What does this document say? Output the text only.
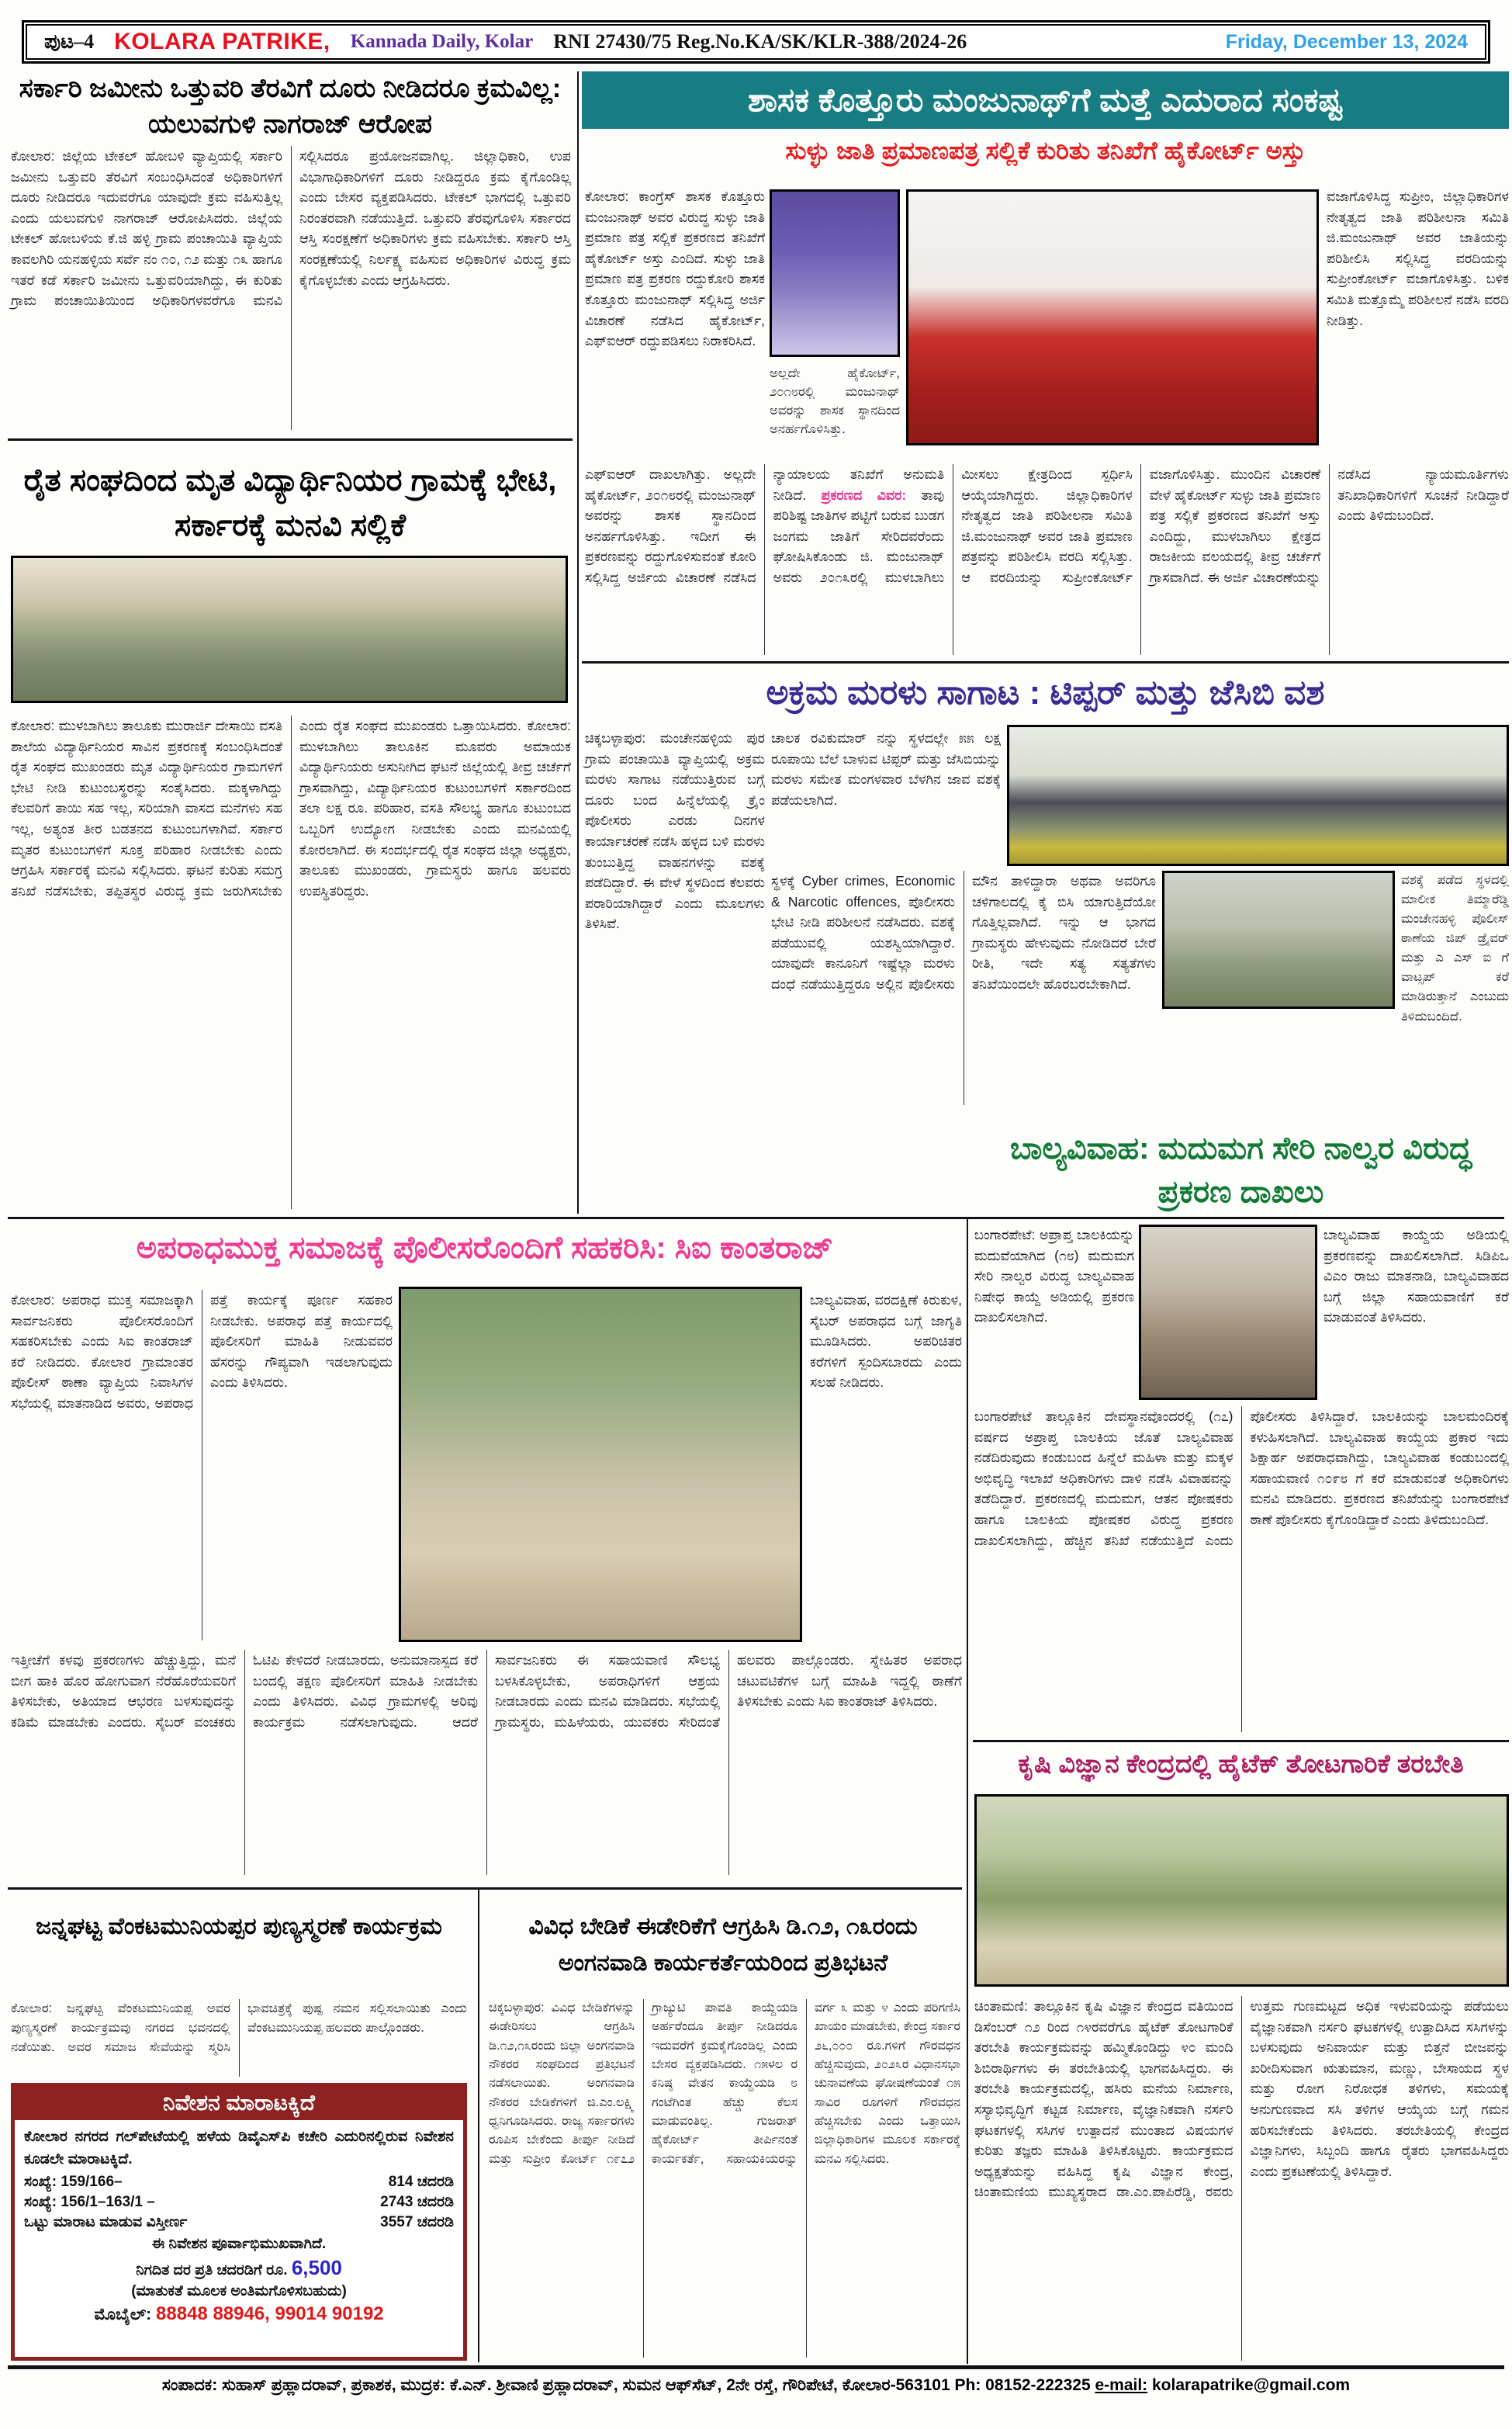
ಪುಟ–4 KOLARA PATRIKE, Kannada Daily, Kolar RNI 27430/75 Reg.No.KA/SK/KLR-388/2024-26	Friday, December 13, 2024
ಸರ್ಕಾರಿ ಜಮೀನು ಒತ್ತುವರಿ ತೆರವಿಗೆ ದೂರು ನೀಡಿದರೂ ಕ್ರಮವಿಲ್ಲ: ಯಲುವಗುಳಿ ನಾಗರಾಜ್ ಆರೋಪ
ಕೋಲಾರ: ಜಿಲ್ಲೆಯ ಟೇಕಲ್ ಹೋಬಳಿ ವ್ಯಾಪ್ತಿಯಲ್ಲಿ ಸರ್ಕಾರಿ ಜಮೀನು ಒತ್ತುವರಿ ತೆರವಿಗೆ ಸಂಬಂಧಿಸಿದಂತೆ ಅಧಿಕಾರಿಗಳಿಗೆ ದೂರು ನೀಡಿದರೂ ಇದುವರೆಗೂ ಯಾವುದೇ ಕ್ರಮ ವಹಿಸುತ್ತಿಲ್ಲ ಎಂದು ಯಲುವಗುಳಿ ನಾಗರಾಜ್ ಆರೋಪಿಸಿದರು. ಜಿಲ್ಲೆಯ ಟೇಕಲ್ ಹೋಬಳಿಯ ಕೆ.ಜಿ ಹಳ್ಳಿ ಗ್ರಾಮ ಪಂಚಾಯಿತಿ ವ್ಯಾಪ್ತಿಯ ಕಾವಲಗಿರಿ ಯನಹಳ್ಳಿಯ ಸರ್ವೆ ನಂ ೧೦, ೧೨ ಮತ್ತು ೧೩ ಹಾಗೂ ಇತರೆ ಕಡೆ ಸರ್ಕಾರಿ ಜಮೀನು ಒತ್ತುವರಿಯಾಗಿದ್ದು, ಈ ಕುರಿತು ಗ್ರಾಮ ಪಂಚಾಯಿತಿಯಿಂದ ಅಧಿಕಾರಿಗಳವರೆಗೂ ಮನವಿ ಸಲ್ಲಿಸಿದರೂ ಪ್ರಯೋಜನವಾಗಿಲ್ಲ. ಜಿಲ್ಲಾಧಿಕಾರಿ, ಉಪ ವಿಭಾಗಾಧಿಕಾರಿಗಳಿಗೆ ದೂರು ನೀಡಿದ್ದರೂ ಕ್ರಮ ಕೈಗೊಂಡಿಲ್ಲ ಎಂದು ಬೇಸರ ವ್ಯಕ್ತಪಡಿಸಿದರು. ಟೇಕಲ್ ಭಾಗದಲ್ಲಿ ಒತ್ತುವರಿ ನಿರಂತರವಾಗಿ ನಡೆಯುತ್ತಿದೆ. ಒತ್ತುವರಿ ತೆರವುಗೊಳಿಸಿ ಸರ್ಕಾರದ ಆಸ್ತಿ ಸಂರಕ್ಷಣೆಗೆ ಅಧಿಕಾರಿಗಳು ಕ್ರಮ ವಹಿಸಬೇಕು. ಸರ್ಕಾರಿ ಆಸ್ತಿ ಸಂರಕ್ಷಣೆಯಲ್ಲಿ ನಿರ್ಲಕ್ಷ್ಯ ವಹಿಸುವ ಅಧಿಕಾರಿಗಳ ವಿರುದ್ಧ ಕ್ರಮ ಕೈಗೊಳ್ಳಬೇಕು ಎಂದು ಆಗ್ರಹಿಸಿದರು.
ರೈತ ಸಂಘದಿಂದ ಮೃತ ವಿದ್ಯಾರ್ಥಿನಿಯರ ಗ್ರಾಮಕ್ಕೆ ಭೇಟಿ, ಸರ್ಕಾರಕ್ಕೆ ಮನವಿ ಸಲ್ಲಿಕೆ
ಕೋಲಾರ: ಮುಳಬಾಗಿಲು ತಾಲೂಕು ಮುರಾರ್ಜಿ ದೇಸಾಯಿ ವಸತಿ ಶಾಲೆಯ ವಿದ್ಯಾರ್ಥಿನಿಯರ ಸಾವಿನ ಪ್ರಕರಣಕ್ಕೆ ಸಂಬಂಧಿಸಿದಂತೆ ರೈತ ಸಂಘದ ಮುಖಂಡರು ಮೃತ ವಿದ್ಯಾರ್ಥಿನಿಯರ ಗ್ರಾಮಗಳಿಗೆ ಭೇಟಿ ನೀಡಿ ಕುಟುಂಬಸ್ಥರನ್ನು ಸಂತೈಸಿದರು. ಮಕ್ಕಳಾಗಿದ್ದು ಕೆಲವರಿಗೆ ತಾಯಿ ಸಹ ಇಲ್ಲ, ಸರಿಯಾಗಿ ವಾಸದ ಮನೆಗಳು ಸಹ ಇಲ್ಲ, ಅತ್ಯಂತ ತೀರ ಬಡತನದ ಕುಟುಂಬಗಳಾಗಿವೆ. ಸರ್ಕಾರ ಮೃತರ ಕುಟುಂಬಗಳಿಗೆ ಸೂಕ್ತ ಪರಿಹಾರ ನೀಡಬೇಕು ಎಂದು ಆಗ್ರಹಿಸಿ ಸರ್ಕಾರಕ್ಕೆ ಮನವಿ ಸಲ್ಲಿಸಿದರು. ಘಟನೆ ಕುರಿತು ಸಮಗ್ರ ತನಿಖೆ ನಡೆಸಬೇಕು, ತಪ್ಪಿತಸ್ಥರ ವಿರುದ್ಧ ಕ್ರಮ ಜರುಗಿಸಬೇಕು ಎಂದು ರೈತ ಸಂಘದ ಮುಖಂಡರು ಒತ್ತಾಯಿಸಿದರು. ಕೋಲಾರ: ಮುಳಬಾಗಿಲು ತಾಲೂಕಿನ ಮೂವರು ಅಮಾಯಕ ವಿದ್ಯಾರ್ಥಿನಿಯರು ಅಸುನೀಗಿದ ಘಟನೆ ಜಿಲ್ಲೆಯಲ್ಲಿ ತೀವ್ರ ಚರ್ಚೆಗೆ ಗ್ರಾಸವಾಗಿದ್ದು, ವಿದ್ಯಾರ್ಥಿನಿಯರ ಕುಟುಂಬಗಳಿಗೆ ಸರ್ಕಾರದಿಂದ ತಲಾ ಲಕ್ಷ ರೂ. ಪರಿಹಾರ, ವಸತಿ ಸೌಲಭ್ಯ ಹಾಗೂ ಕುಟುಂಬದ ಒಬ್ಬರಿಗೆ ಉದ್ಯೋಗ ನೀಡಬೇಕು ಎಂದು ಮನವಿಯಲ್ಲಿ ಕೋರಲಾಗಿದೆ. ಈ ಸಂದರ್ಭದಲ್ಲಿ ರೈತ ಸಂಘದ ಜಿಲ್ಲಾ ಅಧ್ಯಕ್ಷರು, ತಾಲೂಕು ಮುಖಂಡರು, ಗ್ರಾಮಸ್ಥರು ಹಾಗೂ ಹಲವರು ಉಪಸ್ಥಿತರಿದ್ದರು.
ಶಾಸಕ ಕೊತ್ತೂರು ಮಂಜುನಾಥ್‌ಗೆ ಮತ್ತೆ ಎದುರಾದ ಸಂಕಷ್ಟ
ಸುಳ್ಳು ಜಾತಿ ಪ್ರಮಾಣಪತ್ರ ಸಲ್ಲಿಕೆ ಕುರಿತು ತನಿಖೆಗೆ ಹೈಕೋರ್ಟ್ ಅಸ್ತು
ಕೋಲಾರ: ಕಾಂಗ್ರೆಸ್ ಶಾಸಕ ಕೊತ್ತೂರು ಮಂಜುನಾಥ್ ಅವರ ವಿರುದ್ಧ ಸುಳ್ಳು ಜಾತಿ ಪ್ರಮಾಣ ಪತ್ರ ಸಲ್ಲಿಕೆ ಪ್ರಕರಣದ ತನಿಖೆಗೆ ಹೈಕೋರ್ಟ್ ಅಸ್ತು ಎಂದಿದೆ. ಸುಳ್ಳು ಜಾತಿ ಪ್ರಮಾಣ ಪತ್ರ ಪ್ರಕರಣ ರದ್ದುಕೋರಿ ಶಾಸಕ ಕೊತ್ತೂರು ಮಂಜುನಾಥ್ ಸಲ್ಲಿಸಿದ್ದ ಅರ್ಜಿ ವಿಚಾರಣೆ ನಡೆಸಿದ ಹೈಕೋರ್ಟ್, ಎಫ್‌ಐಆರ್ ರದ್ದುಪಡಿಸಲು ನಿರಾಕರಿಸಿದೆ.
ಅಲ್ಲದೇ ಹೈಕೋರ್ಟ್, ೨೦೧೮ರಲ್ಲಿ ಮಂಜುನಾಥ್ ಅವರನ್ನು ಶಾಸಕ ಸ್ಥಾನದಿಂದ ಅನರ್ಹಗೊಳಿಸಿತ್ತು.
ವಜಾಗೊಳಿಸಿದ್ದ ಸುಪ್ರೀಂ, ಜಿಲ್ಲಾಧಿಕಾರಿಗಳ ನೇತೃತ್ವದ ಜಾತಿ ಪರಿಶೀಲನಾ ಸಮಿತಿ ಜಿ.ಮಂಜುನಾಥ್ ಅವರ ಜಾತಿಯನ್ನು ಪರಿಶೀಲಿಸಿ ಸಲ್ಲಿಸಿದ್ದ ವರದಿಯನ್ನು ಸುಪ್ರೀಂಕೋರ್ಟ್ ವಜಾಗೊಳಿಸಿತ್ತು. ಬಳಿಕ ಸಮಿತಿ ಮತ್ತೊಮ್ಮೆ ಪರಿಶೀಲನೆ ನಡೆಸಿ ವರದಿ ನೀಡಿತ್ತು.
ಎಫ್‌ಐಆರ್ ದಾಖಲಾಗಿತ್ತು. ಅಲ್ಲದೇ ಹೈಕೋರ್ಟ್, ೨೦೧೮ರಲ್ಲಿ ಮಂಜುನಾಥ್ ಅವರನ್ನು ಶಾಸಕ ಸ್ಥಾನದಿಂದ ಅನರ್ಹಗೊಳಿಸಿತ್ತು. ಇದೀಗ ಈ ಪ್ರಕರಣವನ್ನು ರದ್ದುಗೊಳಿಸುವಂತೆ ಕೋರಿ ಸಲ್ಲಿಸಿದ್ದ ಅರ್ಜಿಯ ವಿಚಾರಣೆ ನಡೆಸಿದ ನ್ಯಾಯಾಲಯ ತನಿಖೆಗೆ ಅನುಮತಿ ನೀಡಿದೆ. ಪ್ರಕರಣದ ವಿವರ: ತಾವು ಪರಿಶಿಷ್ಟ ಜಾತಿಗಳ ಪಟ್ಟಿಗೆ ಬರುವ ಬುಡಗ ಜಂಗಮ ಜಾತಿಗೆ ಸೇರಿದವರೆಂದು ಘೋಷಿಸಿಕೊಂಡು ಜಿ. ಮಂಜುನಾಥ್ ಅವರು ೨೦೧೩ರಲ್ಲಿ ಮುಳಬಾಗಿಲು ಮೀಸಲು ಕ್ಷೇತ್ರದಿಂದ ಸ್ಪರ್ಧಿಸಿ ಆಯ್ಕೆಯಾಗಿದ್ದರು. ಜಿಲ್ಲಾಧಿಕಾರಿಗಳ ನೇತೃತ್ವದ ಜಾತಿ ಪರಿಶೀಲನಾ ಸಮಿತಿ ಜಿ.ಮಂಜುನಾಥ್ ಅವರ ಜಾತಿ ಪ್ರಮಾಣ ಪತ್ರವನ್ನು ಪರಿಶೀಲಿಸಿ ವರದಿ ಸಲ್ಲಿಸಿತ್ತು. ಆ ವರದಿಯನ್ನು ಸುಪ್ರೀಂಕೋರ್ಟ್ ವಜಾಗೊಳಿಸಿತ್ತು. ಮುಂದಿನ ವಿಚಾರಣೆ ವೇಳೆ ಹೈಕೋರ್ಟ್ ಸುಳ್ಳು ಜಾತಿ ಪ್ರಮಾಣ ಪತ್ರ ಸಲ್ಲಿಕೆ ಪ್ರಕರಣದ ತನಿಖೆಗೆ ಅಸ್ತು ಎಂದಿದ್ದು, ಮುಳಬಾಗಿಲು ಕ್ಷೇತ್ರದ ರಾಜಕೀಯ ವಲಯದಲ್ಲಿ ತೀವ್ರ ಚರ್ಚೆಗೆ ಗ್ರಾಸವಾಗಿದೆ. ಈ ಅರ್ಜಿ ವಿಚಾರಣೆಯನ್ನು ನಡೆಸಿದ ನ್ಯಾಯಮೂರ್ತಿಗಳು ತನಿಖಾಧಿಕಾರಿಗಳಿಗೆ ಸೂಚನೆ ನೀಡಿದ್ದಾರೆ ಎಂದು ತಿಳಿದುಬಂದಿದೆ.
ಅಕ್ರಮ ಮರಳು ಸಾಗಾಟ : ಟಿಪ್ಪರ್ ಮತ್ತು ಜೆಸಿಬಿ ವಶ
ಚಿಕ್ಕಬಳ್ಳಾಪುರ: ಮಂಚೇನಹಳ್ಳಿಯ ಪುರ ಗ್ರಾಮ ಪಂಚಾಯಿತಿ ವ್ಯಾಪ್ತಿಯಲ್ಲಿ ಅಕ್ರಮ ಮರಳು ಸಾಗಾಟ ನಡೆಯುತ್ತಿರುವ ಬಗ್ಗೆ ದೂರು ಬಂದ ಹಿನ್ನೆಲೆಯಲ್ಲಿ ಕ್ರೈಂ ಪೊಲೀಸರು ಎರಡು ದಿನಗಳ ಕಾರ್ಯಾಚರಣೆ ನಡೆಸಿ ಹಳ್ಳದ ಬಳಿ ಮರಳು ತುಂಬುತ್ತಿದ್ದ ವಾಹನಗಳನ್ನು ವಶಕ್ಕೆ ಪಡೆದಿದ್ದಾರೆ. ಈ ವೇಳೆ ಸ್ಥಳದಿಂದ ಕೆಲವರು ಪರಾರಿಯಾಗಿದ್ದಾರೆ ಎಂದು ಮೂಲಗಳು ತಿಳಿಸಿವೆ.
ಚಾಲಕ ರವಿಕುಮಾರ್ ನನ್ನು ಸ್ಥಳದಲ್ಲೇ ೫೫ ಲಕ್ಷ ರೂಪಾಯಿ ಬೆಲೆ ಬಾಳುವ ಟಿಪ್ಪರ್ ಮತ್ತು ಜೆಸಿಬಿಯನ್ನು ಮರಳು ಸಮೇತ ಮಂಗಳವಾರ ಬೆಳಗಿನ ಜಾವ ವಶಕ್ಕೆ ಪಡೆಯಲಾಗಿದೆ.
ಸ್ಥಳಕ್ಕೆ Cyber crimes, Economic & Narcotic offences, ಪೊಲೀಸರು ಭೇಟಿ ನೀಡಿ ಪರಿಶೀಲನೆ ನಡೆಸಿದರು. ವಶಕ್ಕೆ ಪಡೆಯುವಲ್ಲಿ ಯಶಸ್ವಿಯಾಗಿದ್ದಾರೆ. ಯಾವುದೇ ಕಾನೂನಿಗೆ ಇಷ್ಟೆಲ್ಲಾ ಮರಳು ದಂಧೆ ನಡೆಯುತ್ತಿದ್ದರೂ ಅಲ್ಲಿನ ಪೊಲೀಸರು ಮೌನ ತಾಳಿದ್ದಾರಾ ಅಥವಾ ಅವರಿಗೂ ಚಳಿಗಾಲದಲ್ಲಿ ಕೈ ಬಿಸಿ ಯಾಗುತ್ತಿದೆಯೋ ಗೊತ್ತಿಲ್ಲವಾಗಿದೆ. ಇನ್ನು ಆ ಭಾಗದ ಗ್ರಾಮಸ್ಥರು ಹೇಳುವುದು ನೋಡಿದರೆ ಬೇರೆ ರೀತಿ, ಇದೇ ಸತ್ಯ ಸತ್ಯತೆಗಳು ತನಿಖೆಯಿಂದಲೇ ಹೊರಬರಬೇಕಾಗಿದೆ.
ವಶಕ್ಕೆ ಪಡೆದ ಸ್ಥಳದಲ್ಲಿ ಮಾಲೀಕ ತಿಮ್ಮಾರೆಡ್ಡಿ ಮಂಚೇನಹಳ್ಳಿ ಪೊಲೀಸ್ ಠಾಣೆಯ ಜಿಪ್ ಡ್ರೈವರ್ ಮತ್ತು ಎ ಎಸ್ ಐ ಗೆ ವಾಟ್ಸಪ್ ಕರೆ ಮಾಡಿರುತ್ತಾನೆ ಎಂಬುದು ತಿಳಿದುಬಂದಿದೆ.
ಅಪರಾಧಮುಕ್ತ ಸಮಾಜಕ್ಕೆ ಪೊಲೀಸರೊಂದಿಗೆ ಸಹಕರಿಸಿ: ಸಿಐ ಕಾಂತರಾಜ್
ಕೋಲಾರ: ಅಪರಾಧ ಮುಕ್ತ ಸಮಾಜಕ್ಕಾಗಿ ಸಾರ್ವಜನಿಕರು ಪೊಲೀಸರೊಂದಿಗೆ ಸಹಕರಿಸಬೇಕು ಎಂದು ಸಿಐ ಕಾಂತರಾಜ್ ಕರೆ ನೀಡಿದರು. ಕೋಲಾರ ಗ್ರಾಮಾಂತರ ಪೊಲೀಸ್ ಠಾಣಾ ವ್ಯಾಪ್ತಿಯ ನಿವಾಸಿಗಳ ಸಭೆಯಲ್ಲಿ ಮಾತನಾಡಿದ ಅವರು, ಅಪರಾಧ ಪತ್ತೆ ಕಾರ್ಯಕ್ಕೆ ಪೂರ್ಣ ಸಹಕಾರ ನೀಡಬೇಕು. ಅಪರಾಧ ಪತ್ತೆ ಕಾರ್ಯದಲ್ಲಿ ಪೊಲೀಸರಿಗೆ ಮಾಹಿತಿ ನೀಡುವವರ ಹೆಸರನ್ನು ಗೌಪ್ಯವಾಗಿ ಇಡಲಾಗುವುದು ಎಂದು ತಿಳಿಸಿದರು.
ಬಾಲ್ಯವಿವಾಹ, ವರದಕ್ಷಿಣೆ ಕಿರುಕುಳ, ಸೈಬರ್ ಅಪರಾಧದ ಬಗ್ಗೆ ಜಾಗೃತಿ ಮೂಡಿಸಿದರು. ಅಪರಿಚಿತರ ಕರೆಗಳಿಗೆ ಸ್ಪಂದಿಸಬಾರದು ಎಂದು ಸಲಹೆ ನೀಡಿದರು.
ಇತ್ತೀಚೆಗೆ ಕಳವು ಪ್ರಕರಣಗಳು ಹೆಚ್ಚುತ್ತಿದ್ದು, ಮನೆ ಬೀಗ ಹಾಕಿ ಹೊರ ಹೋಗುವಾಗ ನೆರೆಹೊರೆಯವರಿಗೆ ತಿಳಿಸಬೇಕು, ಅತಿಯಾದ ಆಭರಣ ಬಳಸುವುದನ್ನು ಕಡಿಮೆ ಮಾಡಬೇಕು ಎಂದರು. ಸೈಬರ್ ವಂಚಕರು ಓಟಿಪಿ ಕೇಳಿದರೆ ನೀಡಬಾರದು, ಅನುಮಾನಾಸ್ಪದ ಕರೆ ಬಂದಲ್ಲಿ ತಕ್ಷಣ ಪೊಲೀಸರಿಗೆ ಮಾಹಿತಿ ನೀಡಬೇಕು ಎಂದು ತಿಳಿಸಿದರು. ವಿವಿಧ ಗ್ರಾಮಗಳಲ್ಲಿ ಅರಿವು ಕಾರ್ಯಕ್ರಮ ನಡೆಸಲಾಗುವುದು. ಆದರೆ ಸಾರ್ವಜನಿಕರು ಈ ಸಹಾಯವಾಣಿ ಸೌಲಭ್ಯ ಬಳಸಿಕೊಳ್ಳಬೇಕು, ಅಪರಾಧಿಗಳಿಗೆ ಆಶ್ರಯ ನೀಡಬಾರದು ಎಂದು ಮನವಿ ಮಾಡಿದರು. ಸಭೆಯಲ್ಲಿ ಗ್ರಾಮಸ್ಥರು, ಮಹಿಳೆಯರು, ಯುವಕರು ಸೇರಿದಂತೆ ಹಲವರು ಪಾಲ್ಗೊಂಡರು. ಸ್ನೇಹಿತರ ಅಪರಾಧ ಚಟುವಟಿಕೆಗಳ ಬಗ್ಗೆ ಮಾಹಿತಿ ಇದ್ದಲ್ಲಿ ಠಾಣೆಗೆ ತಿಳಿಸಬೇಕು ಎಂದು ಸಿಐ ಕಾಂತರಾಜ್ ತಿಳಿಸಿದರು.
ಬಾಲ್ಯವಿವಾಹ: ಮದುಮಗ ಸೇರಿ ನಾಲ್ವರ ವಿರುದ್ಧ ಪ್ರಕರಣ ದಾಖಲು
ಬಂಗಾರಪೇಟೆ: ಅಪ್ರಾಪ್ತ ಬಾಲಕಿಯನ್ನು ಮದುವೆಯಾಗಿದ (೧೮) ಮದುಮಗ ಸೇರಿ ನಾಲ್ವರ ವಿರುದ್ಧ ಬಾಲ್ಯವಿವಾಹ ನಿಷೇಧ ಕಾಯ್ದೆ ಅಡಿಯಲ್ಲಿ ಪ್ರಕರಣ ದಾಖಲಿಸಲಾಗಿದೆ.
ಬಾಲ್ಯವಿವಾಹ ಕಾಯ್ದೆಯ ಅಡಿಯಲ್ಲಿ ಪ್ರಕರಣವನ್ನು ದಾಖಲಿಸಲಾಗಿದೆ. ಸಿಡಿಪಿಒ ವಿಎಂ ರಾಜು ಮಾತನಾಡಿ, ಬಾಲ್ಯವಿವಾಹದ ಬಗ್ಗೆ ಜಿಲ್ಲಾ ಸಹಾಯವಾಣಿಗೆ ಕರೆ ಮಾಡುವಂತೆ ತಿಳಿಸಿದರು.
ಬಂಗಾರಪೇಟೆ ತಾಲ್ಲೂಕಿನ ದೇವಸ್ಥಾನವೊಂದರಲ್ಲಿ (೧೭) ವರ್ಷದ ಅಪ್ರಾಪ್ತ ಬಾಲಕಿಯ ಜೊತೆ ಬಾಲ್ಯವಿವಾಹ ನಡೆದಿರುವುದು ಕಂಡುಬಂದ ಹಿನ್ನೆಲೆ ಮಹಿಳಾ ಮತ್ತು ಮಕ್ಕಳ ಅಭಿವೃದ್ಧಿ ಇಲಾಖೆ ಅಧಿಕಾರಿಗಳು ದಾಳಿ ನಡೆಸಿ ವಿವಾಹವನ್ನು ತಡೆದಿದ್ದಾರೆ. ಪ್ರಕರಣದಲ್ಲಿ ಮದುಮಗ, ಆತನ ಪೋಷಕರು ಹಾಗೂ ಬಾಲಕಿಯ ಪೋಷಕರ ವಿರುದ್ಧ ಪ್ರಕರಣ ದಾಖಲಿಸಲಾಗಿದ್ದು, ಹೆಚ್ಚಿನ ತನಿಖೆ ನಡೆಯುತ್ತಿದೆ ಎಂದು ಪೊಲೀಸರು ತಿಳಿಸಿದ್ದಾರೆ. ಬಾಲಕಿಯನ್ನು ಬಾಲಮಂದಿರಕ್ಕೆ ಕಳುಹಿಸಲಾಗಿದೆ. ಬಾಲ್ಯವಿವಾಹ ಕಾಯ್ದೆಯ ಪ್ರಕಾರ ಇದು ಶಿಕ್ಷಾರ್ಹ ಅಪರಾಧವಾಗಿದ್ದು, ಬಾಲ್ಯವಿವಾಹ ಕಂಡುಬಂದಲ್ಲಿ ಸಹಾಯವಾಣಿ ೧೦೯೮ ಗೆ ಕರೆ ಮಾಡುವಂತೆ ಅಧಿಕಾರಿಗಳು ಮನವಿ ಮಾಡಿದರು. ಪ್ರಕರಣದ ತನಿಖೆಯನ್ನು ಬಂಗಾರಪೇಟೆ ಠಾಣೆ ಪೊಲೀಸರು ಕೈಗೊಂಡಿದ್ದಾರೆ ಎಂದು ತಿಳಿದುಬಂದಿದೆ.
ಕೃಷಿ ವಿಜ್ಞಾನ ಕೇಂದ್ರದಲ್ಲಿ ಹೈಟೆಕ್ ತೋಟಗಾರಿಕೆ ತರಬೇತಿ
ಚಿಂತಾಮಣಿ: ತಾಲ್ಲೂಕಿನ ಕೃಷಿ ವಿಜ್ಞಾನ ಕೇಂದ್ರದ ವತಿಯಿಂದ ಡಿಸೆಂಬರ್ ೧೨ ರಿಂದ ೧೪ರವರೆಗೂ ಹೈಟೆಕ್ ತೋಟಗಾರಿಕೆ ತರಬೇತಿ ಕಾರ್ಯಕ್ರಮವನ್ನು ಹಮ್ಮಿಕೊಂಡಿದ್ದು ೪೦ ಮಂದಿ ಶಿಬಿರಾರ್ಥಿಗಳು ಈ ತರಬೇತಿಯಲ್ಲಿ ಭಾಗವಹಿಸಿದ್ದರು. ಈ ತರಬೇತಿ ಕಾರ್ಯಕ್ರಮದಲ್ಲಿ, ಹಸಿರು ಮನೆಯ ನಿರ್ಮಾಣ, ಸಸ್ಯಾಭಿವೃದ್ಧಿಗೆ ಕಟ್ಟಡ ನಿರ್ಮಾಣ, ವೈಜ್ಞಾನಿಕವಾಗಿ ನರ್ಸರಿ ಘಟಕಗಳಲ್ಲಿ ಸಸಿಗಳ ಉತ್ಪಾದನೆ ಮುಂತಾದ ವಿಷಯಗಳ ಕುರಿತು ತಜ್ಞರು ಮಾಹಿತಿ ತಿಳಿಸಿಕೊಟ್ಟರು. ಕಾರ್ಯಕ್ರಮದ ಅಧ್ಯಕ್ಷತೆಯನ್ನು ವಹಿಸಿದ್ದ ಕೃಷಿ ವಿಜ್ಞಾನ ಕೇಂದ್ರ, ಚಿಂತಾಮಣಿಯ ಮುಖ್ಯಸ್ಥರಾದ ಡಾ.ಎಂ.ಪಾಪಿರೆಡ್ಡಿ, ರವರು ಉತ್ತಮ ಗುಣಮಟ್ಟದ ಅಧಿಕ ಇಳುವರಿಯನ್ನು ಪಡೆಯಲು ವೈಜ್ಞಾನಿಕವಾಗಿ ನರ್ಸರಿ ಘಟಕಗಳಲ್ಲಿ ಉತ್ಪಾದಿಸಿದ ಸಸಿಗಳನ್ನು ಬಳಸುವುದು ಅನಿವಾರ್ಯ ಮತ್ತು ಬಿತ್ತನೆ ಬೀಜವನ್ನು ಖರೀದಿಸುವಾಗ ಋತುಮಾನ, ಮಣ್ಣು, ಬೇಸಾಯದ ಸ್ಥಳ ಮತ್ತು ರೋಗ ನಿರೋಧಕ ತಳಿಗಳು, ಸಮಯಕ್ಕೆ ಅನುಗುಣವಾದ ಸಸಿ ತಳಿಗಳ ಆಯ್ಕೆಯ ಬಗ್ಗೆ ಗಮನ ಹರಿಸಬೇಕೆಂದು ತಿಳಿಸಿದರು. ತರಬೇತಿಯಲ್ಲಿ ಕೇಂದ್ರದ ವಿಜ್ಞಾನಿಗಳು, ಸಿಬ್ಬಂದಿ ಹಾಗೂ ರೈತರು ಭಾಗವಹಿಸಿದ್ದರು ಎಂದು ಪ್ರಕಟಣೆಯಲ್ಲಿ ತಿಳಿಸಿದ್ದಾರೆ.
ಜನ್ನಘಟ್ಟ ವೆಂಕಟಮುನಿಯಪ್ಪರ ಪುಣ್ಯಸ್ಮರಣೆ ಕಾರ್ಯಕ್ರಮ
ಕೋಲಾರ: ಜನ್ನಘಟ್ಟ ವೆಂಕಟಮುನಿಯಪ್ಪ ಅವರ ಪುಣ್ಯಸ್ಮರಣೆ ಕಾರ್ಯಕ್ರಮವು ನಗರದ ಭವನದಲ್ಲಿ ನಡೆಯಿತು. ಅವರ ಸಮಾಜ ಸೇವೆಯನ್ನು ಸ್ಮರಿಸಿ ಭಾವಚಿತ್ರಕ್ಕೆ ಪುಷ್ಪ ನಮನ ಸಲ್ಲಿಸಲಾಯಿತು ಎಂದು ವೆಂಕಟಮುನಿಯಪ್ಪ ಹಲವರು ಪಾಲ್ಗೊಂಡರು.
ನಿವೇಶನ ಮಾರಾಟಕ್ಕಿದೆ
ಕೋಲಾರ ನಗರದ ಗಲ್‌ಪೇಟೆಯಲ್ಲಿ ಹಳೆಯ ಡಿವೈಎಸ್‌ಪಿ ಕಚೇರಿ ಎದುರಿನಲ್ಲಿರುವ ನಿವೇಶನ ಕೂಡಲೇ ಮಾರಾಟಕ್ಕಿದೆ.
ಸಂಖ್ಯೆ: 159/166–	814 ಚದರಡಿ
ಸಂಖ್ಯೆ: 156/1–163/1 –	2743 ಚದರಡಿ
ಒಟ್ಟು ಮಾರಾಟ ಮಾಡುವ ವಿಸ್ತೀರ್ಣ	3557 ಚದರಡಿ
ಈ ನಿವೇಶನ ಪೂರ್ವಾಭಿಮುಖವಾಗಿದೆ.
ನಿಗದಿತ ದರ ಪ್ರತಿ ಚದರಡಿಗೆ ರೂ. 6,500
(ಮಾತುಕತೆ ಮೂಲಕ ಅಂತಿಮಗೊಳಿಸಬಹುದು)
ಮೊಬೈಲ್: 88848 88946, 99014 90192
ವಿವಿಧ ಬೇಡಿಕೆ ಈಡೇರಿಕೆಗೆ ಆಗ್ರಹಿಸಿ ಡಿ.೧೨, ೧೩ರಂದು ಅಂಗನವಾಡಿ ಕಾರ್ಯಕರ್ತೆಯರಿಂದ ಪ್ರತಿಭಟನೆ
ಚಿಕ್ಕಬಳ್ಳಾಪುರ: ವಿವಿಧ ಬೇಡಿಕೆಗಳನ್ನು ಈಡೇರಿಸಲು ಆಗ್ರಹಿಸಿ ಡಿ.೧೨,೧೩ರಂದು ಜಿಲ್ಲಾ ಅಂಗನವಾಡಿ ನೌಕರರ ಸಂಘದಿಂದ ಪ್ರತಿಭಟನೆ ನಡೆಸಲಾಯಿತು. ಅಂಗನವಾಡಿ ನೌಕರರ ಬೇಡಿಕೆಗಳಿಗೆ ಜಿ.ಎಂ.ಲಕ್ಷ್ಮಿ ಧ್ವನಿಗೂಡಿಸಿದರು. ರಾಜ್ಯ ಸರ್ಕಾರಗಳು ರೂಪಿಸ ಬೇಕೆಂದು ತೀರ್ಪು ನೀಡಿದೆ ಮತ್ತು ಸುಪ್ರೀಂ ಕೋರ್ಟ್ ೧೯೭೨ ಗ್ರಾಜ್ಯುಟಿ ಪಾವತಿ ಕಾಯ್ದೆಯಡಿ ಅರ್ಹರೆಂದೂ ತೀರ್ಪು ನೀಡಿದರೂ ಇದುವರೆಗೆ ಕ್ರಮಕೈಗೊಂಡಿಲ್ಲ ಎಂದು ಬೇಸರ ವ್ಯಕ್ತಪಡಿಸಿದರು. ೧೫ಳಲ ರ ಕನಿಷ್ಠ ವೇತನ ಕಾಯ್ದೆಯಡಿ ೮ ಗಂಟೆಗಿಂತ ಹೆಚ್ಚು ಕೆಲಸ ಮಾಡುವಂತಿಲ್ಲ. ಗುಜರಾತ್ ಹೈಕೋರ್ಟ್ ತೀರ್ಪಿನಂತೆ ಕಾರ್ಯಕರ್ತೆ, ಸಹಾಯಕಿಯರನ್ನು ವರ್ಗ ೩ ಮತ್ತು ೪ ಎಂದು ಪರಿಗಣಿಸಿ ಖಾಯಂ ಮಾಡಬೇಕು, ಕೇಂದ್ರ ಸರ್ಕಾರ ೨೬,೦೦೦ ರೂ.ಗಳಿಗೆ ಗೌರವಧನ ಹೆಚ್ಚಿಸುವುದು, ೨೦೨೩ರ ವಿಧಾನಸಭಾ ಚುನಾವಣೆಯ ಘೋಷಣೆಯಂತೆ ೧೫ ಸಾವಿರ ರೂಗಳಿಗೆ ಗೌರವಧನ ಹೆಚ್ಚಿಸಬೇಕು ಎಂದು ಒತ್ತಾಯಿಸಿ ಜಿಲ್ಲಾಧಿಕಾರಿಗಳ ಮೂಲಕ ಸರ್ಕಾರಕ್ಕೆ ಮನವಿ ಸಲ್ಲಿಸಿದರು.
ಸಂಪಾದಕ: ಸುಹಾಸ್ ಪ್ರಹ್ಲಾದರಾವ್, ಪ್ರಕಾಶಕ, ಮುದ್ರಕ: ಕೆ.ಎನ್. ಶ್ರೀವಾಣಿ ಪ್ರಹ್ಲಾದರಾವ್, ಸುಮನ ಆಫ್‌ಸೆಟ್, 2ನೇ ರಸ್ತೆ, ಗೌರಿಪೇಟೆ, ಕೋಲಾರ-563101 Ph: 08152-222325 e-mail: kolarapatrike@gmail.com
